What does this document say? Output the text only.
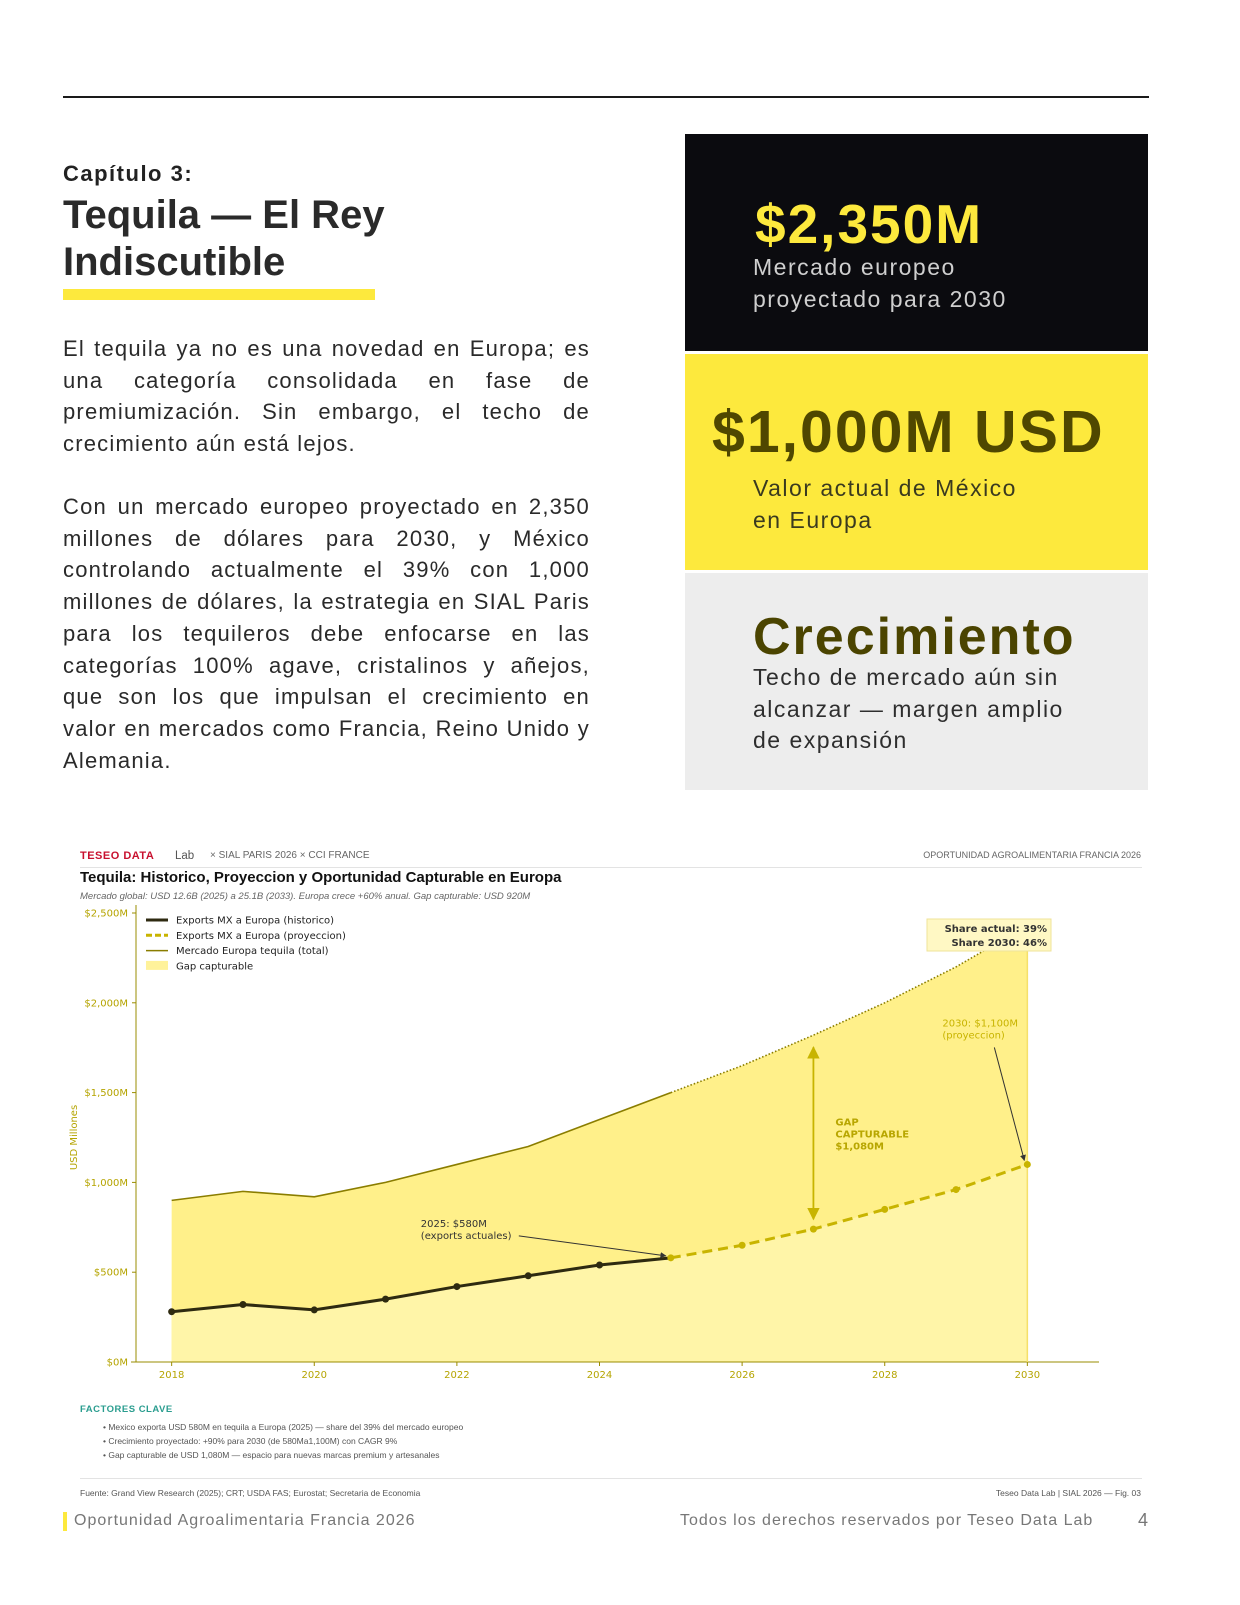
Capítulo 3:
Tequila — El Rey Indiscutible

El tequila ya no es una novedad en Europa; es una categoría consolidada en fase de premiumización. Sin embargo, el techo de crecimiento aún está lejos.

Con un mercado europeo proyectado en 2,350 millones de dólares para 2030, y México controlando actualmente el 39% con 1,000 millones de dólares, la estrategia en SIAL Paris para los tequileros debe enfocarse en las categorías 100% agave, cristalinos y añejos, que son los que impulsan el crecimiento en valor en mercados como Francia, Reino Unido y Alemania.

$2,350M

Mercado europeo
proyectado para 2030

$1,000M USD

Valor actual de México
en Europa

Crecimiento

Techo de mercado aún sin
alcanzar — margen amplio
de expansión

TESEO DATA Lab × SIAL PARIS 2026 × CCI FRANCE	OPORTUNIDAD AGROALIMENTARIA FRANCIA 2026

Tequila: Historico, Proyeccion y Oportunidad Capturable en Europa

Mercado global: USD 12.6B (2025) a 25.1B (2033). Europa crece +60% anual. Gap capturable: USD 920M

$0M
$500M
$1,000M
$1,500M
$2,000M
$2,500M
2018	2020	2022	2024	2026	2028	2030
USD Millones
Share actual: 39%
Share 2030: 46%
GAP
CAPTURABLE
$1,080M
2030: $1,100M
(proyeccion)
2025: $580M
(exports actuales)
Exports MX a Europa (historico)
Exports MX a Europa (proyeccion)
Mercado Europa tequila (total)
Gap capturable

FACTORES CLAVE

• Mexico exporta USD 580M en tequila a Europa (2025) — share del 39% del mercado europeo
• Crecimiento proyectado: +90% para 2030 (de 580Ma1,100M) con CAGR 9%
• Gap capturable de USD 1,080M — espacio para nuevas marcas premium y artesanales
Fuente: Grand View Research (2025); CRT; USDA FAS; Eurostat; Secretaria de Economia	Teseo Data Lab | SIAL 2026 — Fig. 03
Oportunidad Agroalimentaria Francia 2026	Todos los derechos reservados por Teseo Data Lab 4
